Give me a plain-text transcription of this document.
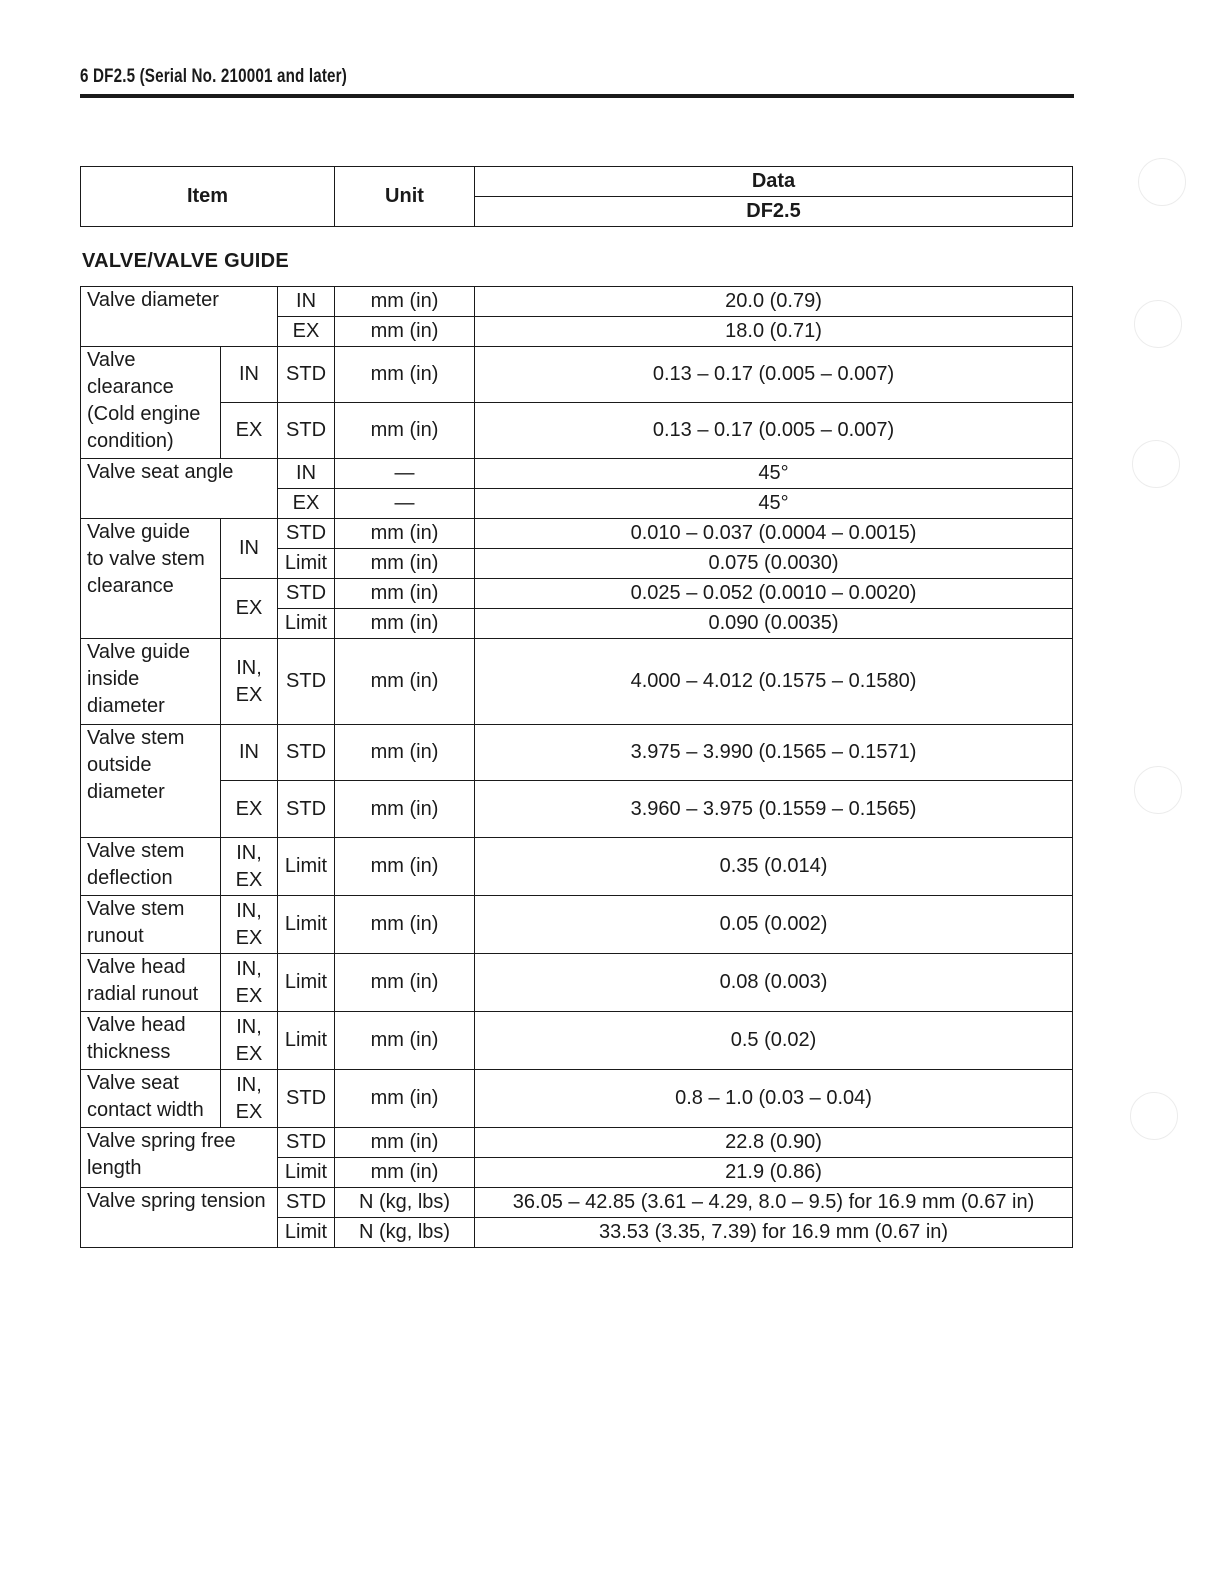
6 DF2.5 (Serial No. 210001 and later)
Item	Unit	Data
DF2.5
VALVE/VALVE GUIDE
Valve diameter		IN	mm (in)	20.0 (0.79)
		EX	mm (in)	18.0 (0.71)

Valve
clearance
(Cold engine
condition)	IN	STD	mm (in)	0.13 – 0.17 (0.005 – 0.007)
	EX	STD	mm (in)	0.13 – 0.17 (0.005 – 0.007)
Valve seat angle		IN	—	45°
		EX	—	45°

Valve guide
to valve stem
clearance	IN	STD	mm (in)	0.010 – 0.037 (0.0004 – 0.0015)
		Limit	mm (in)	0.075 (0.0030)
	EX	STD	mm (in)	0.025 – 0.052 (0.0010 – 0.0020)
		Limit	mm (in)	0.090 (0.0035)

Valve guide
inside
diameter	IN,
EX	STD	mm (in)	4.000 – 4.012 (0.1575 – 0.1580)

Valve stem
outside
diameter	IN	STD	mm (in)	3.975 – 3.990 (0.1565 – 0.1571)
	EX	STD	mm (in)	3.960 – 3.975 (0.1559 – 0.1565)

Valve stem
deflection	IN,
EX	Limit	mm (in)	0.35 (0.014)

Valve stem
runout	IN,
EX	Limit	mm (in)	0.05 (0.002)

Valve head
radial runout	IN,
EX	Limit	mm (in)	0.08 (0.003)

Valve head
thickness	IN,
EX	Limit	mm (in)	0.5 (0.02)

Valve seat
contact width	IN,
EX	STD	mm (in)	0.8 – 1.0 (0.03 – 0.04)

Valve spring free
length		STD	mm (in)	22.8 (0.90)
		Limit	mm (in)	21.9 (0.86)
Valve spring tension		STD	N (kg, lbs)	36.05 – 42.85 (3.61 – 4.29, 8.0 – 9.5) for 16.9 mm (0.67 in)
		Limit	N (kg, lbs)	33.53 (3.35, 7.39) for 16.9 mm (0.67 in)
